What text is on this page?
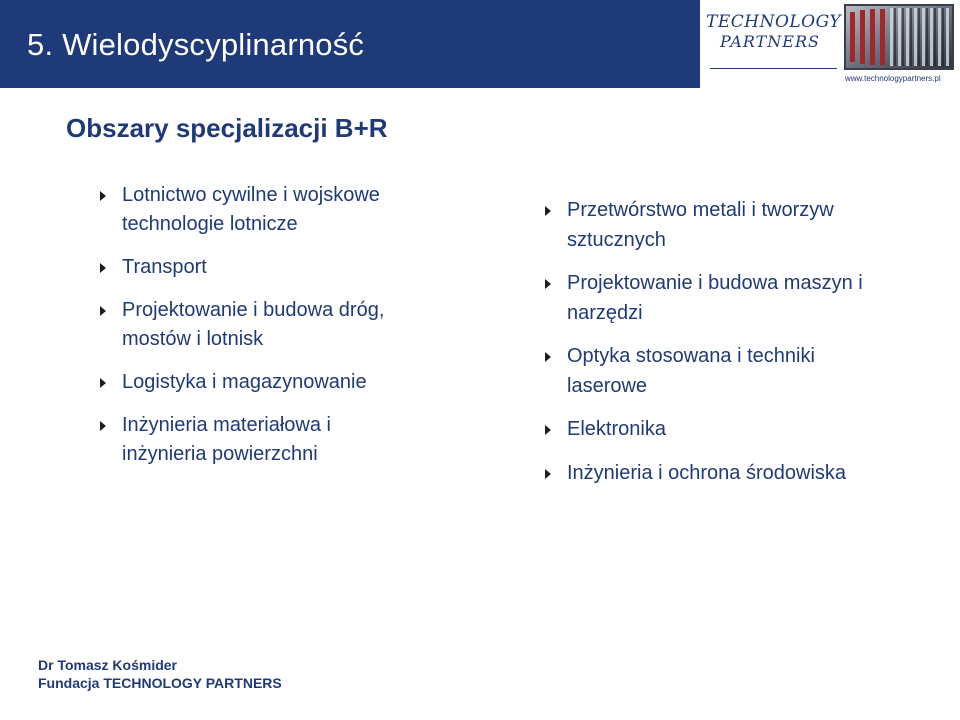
5. Wielodyscyplinarność
TECHNOLOGY
PARTNERS
www.technologypartners.pl
Obszary specjalizacji B+R
Lotnictwo cywilne i wojskowe technologie lotnicze
Transport
Projektowanie i budowa dróg, mostów i lotnisk
Logistyka i magazynowanie
Inżynieria materiałowa i inżynieria powierzchni
Przetwórstwo metali i tworzyw sztucznych
Projektowanie i budowa maszyn i narzędzi
Optyka stosowana i techniki laserowe
Elektronika
Inżynieria i ochrona środowiska
Dr Tomasz Kośmider
Fundacja TECHNOLOGY PARTNERS
